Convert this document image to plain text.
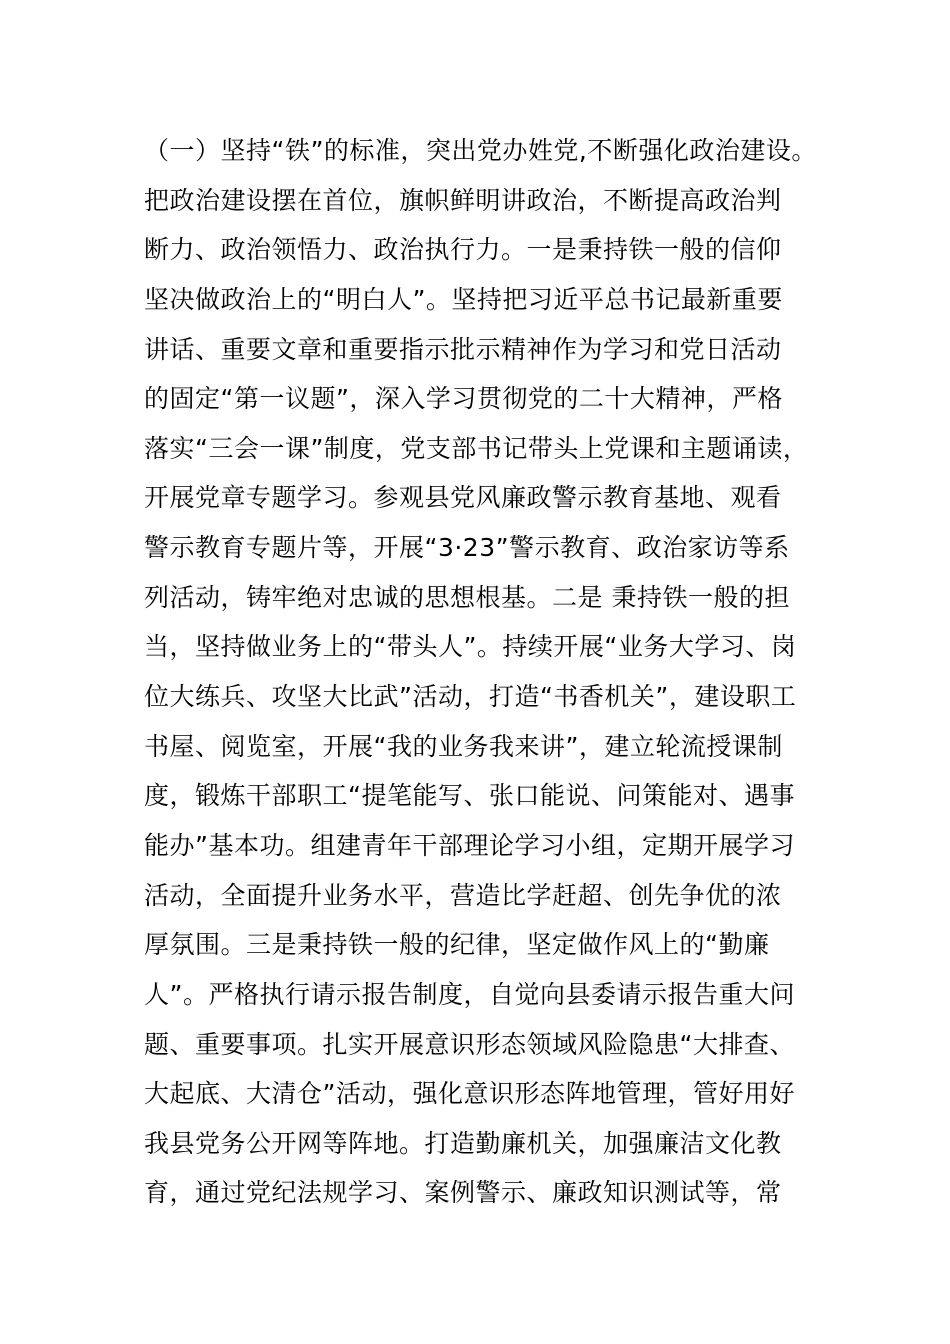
（一）坚持“铁”的标准，突出党办姓党,不断强化政治建设。
把政治建设摆在首位，旗帜鲜明讲政治，不断提高政治判
断力、政治领悟力、政治执行力。一是秉持铁一般的信仰
坚决做政治上的“明白人”。坚持把习近平总书记最新重要
讲话、重要文章和重要指示批示精神作为学习和党日活动
的固定“第一议题”，深入学习贯彻党的二十大精神，严格
落实“三会一课”制度，党支部书记带头上党课和主题诵读，
开展党章专题学习。参观县党风廉政警示教育基地、观看
警示教育专题片等，开展“3·23”警示教育、政治家访等系
列活动，铸牢绝对忠诚的思想根基。二是 秉持铁一般的担
当，坚持做业务上的“带头人”。持续开展“业务大学习、岗
位大练兵、攻坚大比武”活动，打造“书香机关”，建设职工
书屋、阅览室，开展“我的业务我来讲”，建立轮流授课制
度，锻炼干部职工“提笔能写、张口能说、问策能对、遇事
能办”基本功。组建青年干部理论学习小组，定期开展学习
活动，全面提升业务水平，营造比学赶超、创先争优的浓
厚氛围。三是秉持铁一般的纪律，坚定做作风上的“勤廉
人”。严格执行请示报告制度，自觉向县委请示报告重大问
题、重要事项。扎实开展意识形态领域风险隐患“大排查、
大起底、大清仓”活动，强化意识形态阵地管理，管好用好
我县党务公开网等阵地。打造勤廉机关，加强廉洁文化教
育，通过党纪法规学习、案例警示、廉政知识测试等，常
